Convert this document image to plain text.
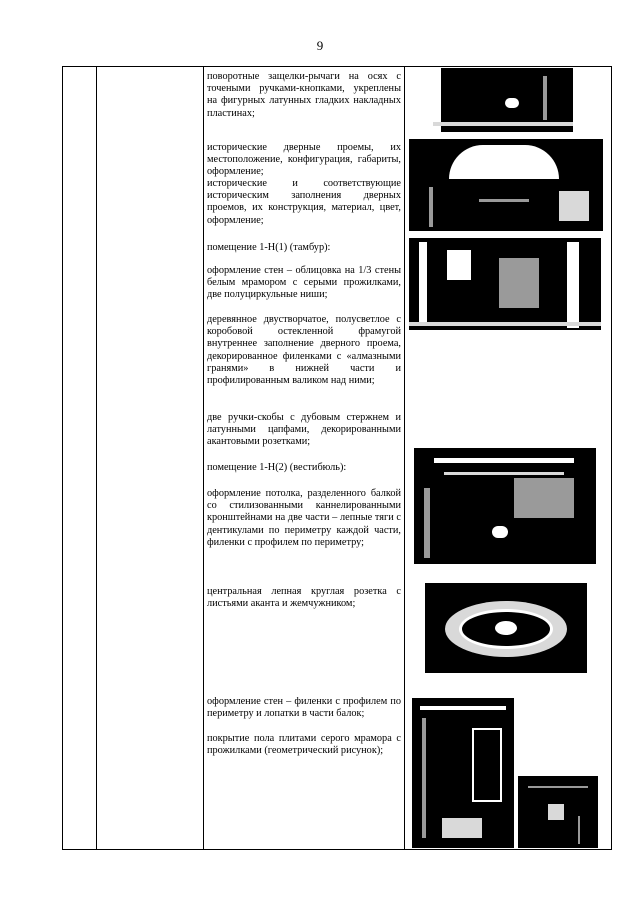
9
поворотные защелки-рычаги на осях с точеными ручками-кнопками, укреплены на фигурных латунных гладких накладных пластинах;
исторические дверные проемы, их местоположение, конфигурация, габариты, оформление;
исторические и соответствующие историческим заполнения дверных проемов, их конструкция, материал, цвет, оформление;
помещение 1-Н(1) (тамбур):
оформление стен – облицовка на 1/3 стены белым мрамором с серыми прожилками, две полуциркульные ниши;
деревянное двустворчатое, полусветлое с коробовой остекленной фрамугой внутреннее заполнение дверного проема, декорированное филенками с «алмазными гранями» в нижней части и профилированным валиком над ними;
две ручки-скобы с дубовым стержнем и латунными цапфами, декорированными акантовыми розетками;
помещение 1-Н(2) (вестибюль):
оформление потолка, разделенного балкой со стилизованными каннелированными кронштейнами на две части – лепные тяги с дентикулами по периметру каждой части, филенки с профилем по периметру;
центральная лепная круглая розетка с листьями аканта и жемчужником;
оформление стен – филенки с профилем по периметру и лопатки в части балок;
покрытие пола плитами серого мрамора с прожилками (геометрический рисунок);
